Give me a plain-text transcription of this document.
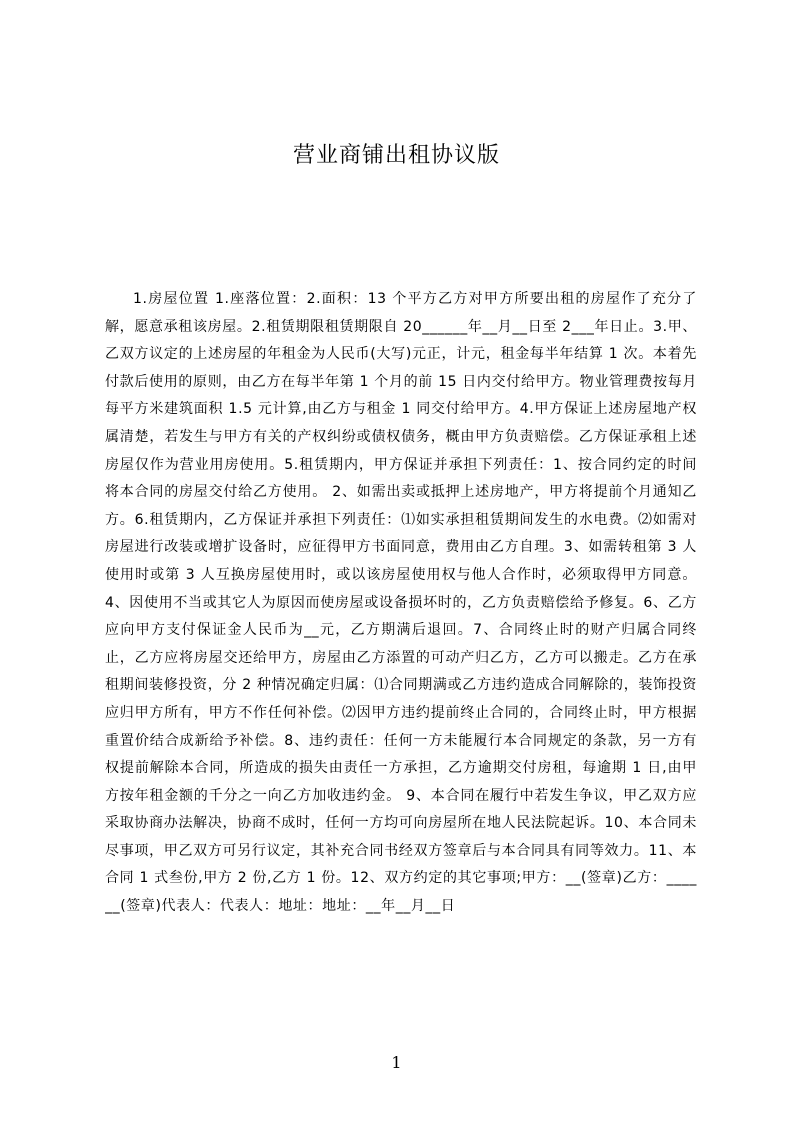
营业商铺出租协议版

1.房屋位置 1.座落位置：2.面积：13 个平方乙方对甲方所要出租的房屋作了充分了解，愿意承租该房屋。2.租赁期限租赁期限自 20______年__月__日至 2___年日止。3.甲、乙双方议定的上述房屋的年租金为人民币(大写)元正，计元，租金每半年结算 1 次。本着先付款后使用的原则，由乙方在每半年第 1 个月的前 15 日内交付给甲方。物业管理费按每月每平方米建筑面积 1.5 元计算,由乙方与租金 1 同交付给甲方。4.甲方保证上述房屋地产权属清楚，若发生与甲方有关的产权纠纷或债权债务，概由甲方负责赔偿。乙方保证承租上述房屋仅作为营业用房使用。5.租赁期内，甲方保证并承担下列责任：1、按合同约定的时间将本合同的房屋交付给乙方使用。 2、如需出卖或抵押上述房地产，甲方将提前个月通知乙方。6.租赁期内，乙方保证并承担下列责任：⑴如实承担租赁期间发生的水电费。⑵如需对房屋进行改装或增扩设备时，应征得甲方书面同意，费用由乙方自理。3、如需转租第 3 人使用时或第 3 人互换房屋使用时，或以该房屋使用权与他人合作时，必须取得甲方同意。4、因使用不当或其它人为原因而使房屋或设备损坏时的，乙方负责赔偿给予修复。6、乙方应向甲方支付保证金人民币为__元，乙方期满后退回。7、合同终止时的财产归属合同终止，乙方应将房屋交还给甲方，房屋由乙方添置的可动产归乙方，乙方可以搬走。乙方在承租期间装修投资，分 2 种情况确定归属：⑴合同期满或乙方违约造成合同解除的，装饰投资应归甲方所有，甲方不作任何补偿。⑵因甲方违约提前终止合同的，合同终止时，甲方根据重置价结合成新给予补偿。8、违约责任：任何一方未能履行本合同规定的条款，另一方有权提前解除本合同，所造成的损失由责任一方承担，乙方逾期交付房租，每逾期 1 日,由甲方按年租金额的千分之一向乙方加收违约金。 9、本合同在履行中若发生争议，甲乙双方应采取协商办法解决，协商不成时，任何一方均可向房屋所在地人民法院起诉。10、本合同未尽事项，甲乙双方可另行议定，其补充合同书经双方签章后与本合同具有同等效力。11、本合同 1 式叁份,甲方 2 份,乙方 1 份。12、双方约定的其它事项;甲方：__(签章)乙方：______(签章)代表人：代表人：地址：地址：__年__月__日

1
